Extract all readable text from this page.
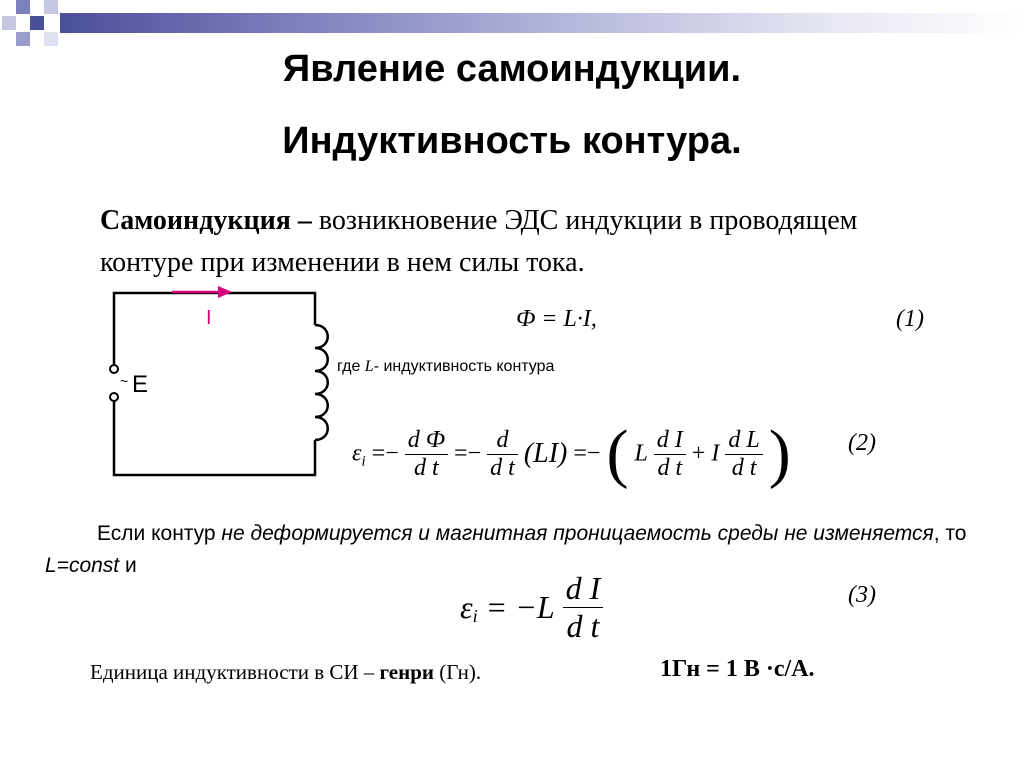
Явление самоиндукции.
Индуктивность контура.
Самоиндукция – возникновение ЭДС индукции в проводящем контуре при изменении в нем силы тока.
I
E
~
Ф = L·I,	(1)
где L- индуктивность контура
$\varepsilon_i =- \frac{\text{d Ф}}{\text{d t}} =- \frac{d}{\text{d t}} (LI)$ =− ( L $\frac{\text{d I}}{\text{d t}} + I \frac{\text{d L}}{\text{d t}}$ ) (2)
Если контур не деформируется и магнитная проницаемость среды не изменяется, то L=const и
$\varepsilon_i = -L \frac{\text{d I}}{\text{d t}}$	(3)
Единица индуктивности в СИ – генри (Гн).	1Гн = 1 В ·с/А.
